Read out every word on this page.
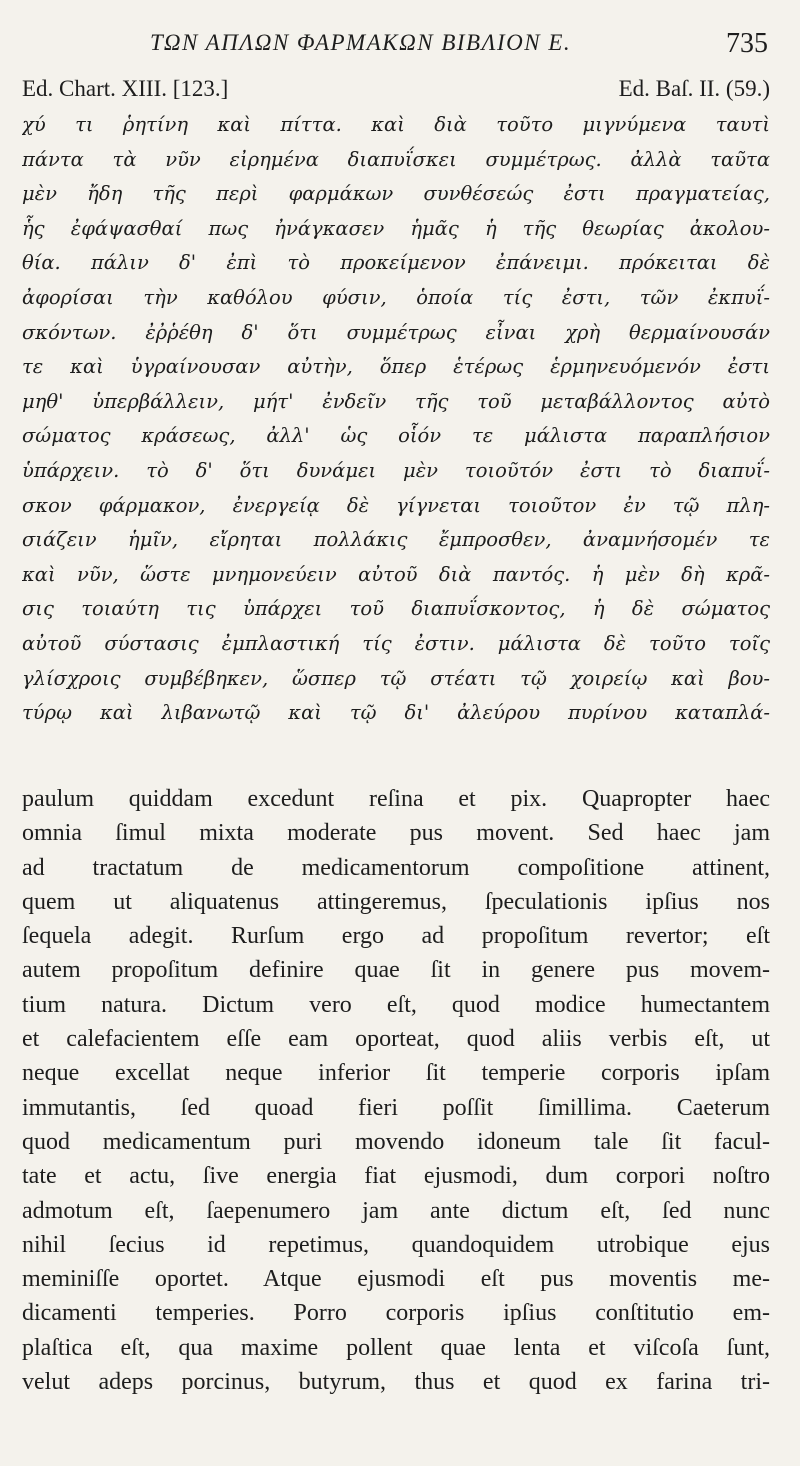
ΤΩΝ ΑΠΛΩΝ ΦΑΡΜΑΚΩΝ ΒΙΒΛΙΟΝ Ε.	735
Ed. Chart. XIII. [123.]	Ed. Baſ. II. (59.)
χύ τι ῥητίνη καὶ πίττα. καὶ διὰ τοῦτο μιγνύμενα ταυτὶ
πάντα τὰ νῦν εἰρημένα διαπυΐσκει συμμέτρως. ἀλλὰ ταῦτα
μὲν ἤδη τῆς περὶ φαρμάκων συνθέσεώς ἐστι πραγματείας,
ἧς ἐφάψασθαί πως ἠνάγκασεν ἡμᾶς ἡ τῆς θεωρίας ἀκολου-
θία. πάλιν δ' ἐπὶ τὸ προκείμενον ἐπάνειμι. πρόκειται δὲ
ἀφορίσαι τὴν καθόλου φύσιν, ὁποία τίς ἐστι, τῶν ἐκπυΐ-
σκόντων. ἐῤῥέθη δ' ὅτι συμμέτρως εἶναι χρὴ θερμαίνουσάν
τε καὶ ὑγραίνουσαν αὐτὴν, ὅπερ ἑτέρως ἑρμηνευόμενόν ἐστι
μηθ' ὑπερβάλλειν, μήτ' ἐνδεῖν τῆς τοῦ μεταβάλλοντος αὐτὸ
σώματος κράσεως, ἀλλ' ὡς οἷόν τε μάλιστα παραπλήσιον
ὑπάρχειν. τὸ δ' ὅτι δυνάμει μὲν τοιοῦτόν ἐστι τὸ διαπυΐ-
σκον φάρμακον, ἐνεργείᾳ δὲ γίγνεται τοιοῦτον ἐν τῷ πλη-
σιάζειν ἡμῖν, εἴρηται πολλάκις ἔμπροσθεν, ἀναμνήσομέν τε
καὶ νῦν, ὥστε μνημονεύειν αὐτοῦ διὰ παντός. ἡ μὲν δὴ κρᾶ-
σις τοιαύτη τις ὑπάρχει τοῦ διαπυΐσκοντος, ἡ δὲ σώματος
αὐτοῦ σύστασις ἐμπλαστική τίς ἐστιν. μάλιστα δὲ τοῦτο τοῖς
γλίσχροις συμβέβηκεν, ὥσπερ τῷ στέατι τῷ χοιρείῳ καὶ βου-
τύρῳ καὶ λιβανωτῷ καὶ τῷ δι' ἀλεύρου πυρίνου καταπλά-
paulum quiddam excedunt reſina et pix. Quapropter haec
omnia ſimul mixta moderate pus movent. Sed haec jam
ad tractatum de medicamentorum compoſitione attinent,
quem ut aliquatenus attingeremus, ſpeculationis ipſius nos
ſequela adegit. Rurſum ergo ad propoſitum revertor; eſt
autem propoſitum definire quae ſit in genere pus movem-
tium natura. Dictum vero eſt, quod modice humectantem
et calefacientem eſſe eam oporteat, quod aliis verbis eſt, ut
neque excellat neque inferior ſit temperie corporis ipſam
immutantis, ſed quoad fieri poſſit ſimillima. Caeterum
quod medicamentum puri movendo idoneum tale ſit facul-
tate et actu, ſive energia fiat ejusmodi, dum corpori noſtro
admotum eſt, ſaepenumero jam ante dictum eſt, ſed nunc
nihil ſecius id repetimus, quandoquidem utrobique ejus
meminiſſe oportet. Atque ejusmodi eſt pus moventis me-
dicamenti temperies. Porro corporis ipſius conſtitutio em-
plaſtica eſt, qua maxime pollent quae lenta et viſcoſa ſunt,
velut adeps porcinus, butyrum, thus et quod ex farina tri-
